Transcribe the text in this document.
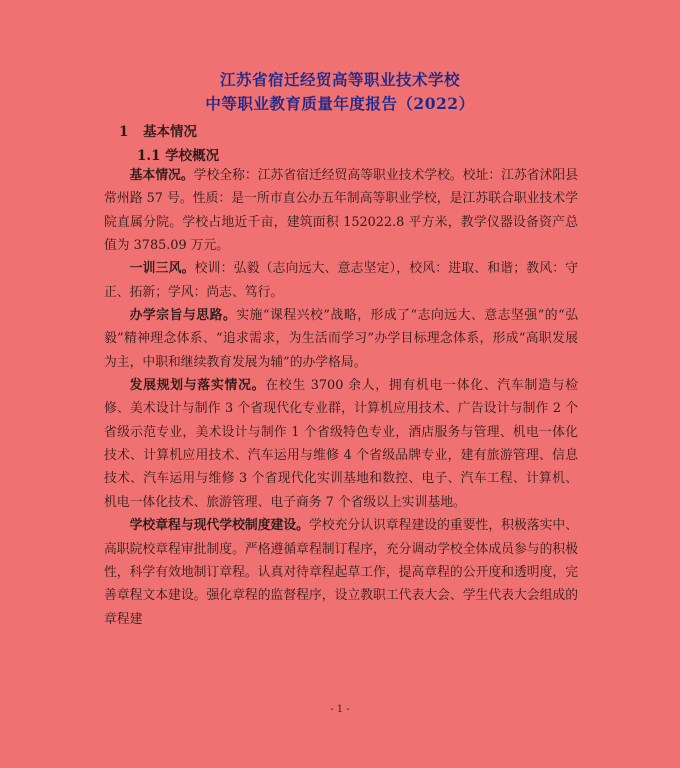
江苏省宿迁经贸高等职业技术学校
中等职业教育质量年度报告（2022）
1 基本情况
1.1 学校概况

基本情况。学校全称：江苏省宿迁经贸高等职业技术学校。校址：江苏省沭阳县常州路 57 号。性质：是一所市直公办五年制高等职业学校，是江苏联合职业技术学院直属分院。学校占地近千亩，建筑面积 152022.8 平方米，教学仪器设备资产总值为 3785.09 万元。

一训三风。校训：弘毅（志向远大、意志坚定），校风：进取、和谐；教风：守正、拓新；学风：尚志、笃行。

办学宗旨与思路。实施“课程兴校”战略，形成了“志向远大、意志坚强”的“弘毅”精神理念体系、“追求需求，为生活而学习”办学目标理念体系，形成“高职发展为主，中职和继续教育发展为辅”的办学格局。

发展规划与落实情况。在校生 3700 余人，拥有机电一体化、汽车制造与检修、美术设计与制作 3 个省现代化专业群，计算机应用技术、广告设计与制作 2 个省级示范专业，美术设计与制作 1 个省级特色专业，酒店服务与管理、机电一体化技术、计算机应用技术、汽车运用与维修 4 个省级品牌专业，建有旅游管理、信息技术、汽车运用与维修 3 个省现代化实训基地和数控、电子、汽车工程、计算机、机电一体化技术、旅游管理、电子商务 7 个省级以上实训基地。

学校章程与现代学校制度建设。学校充分认识章程建设的重要性，积极落实中、高职院校章程审批制度。严格遵循章程制订程序，充分调动学校全体成员参与的积极性，科学有效地制订章程。认真对待章程起草工作，提高章程的公开度和透明度，完善章程文本建设。强化章程的监督程序，设立教职工代表大会、学生代表大会组成的章程建

- 1 -
